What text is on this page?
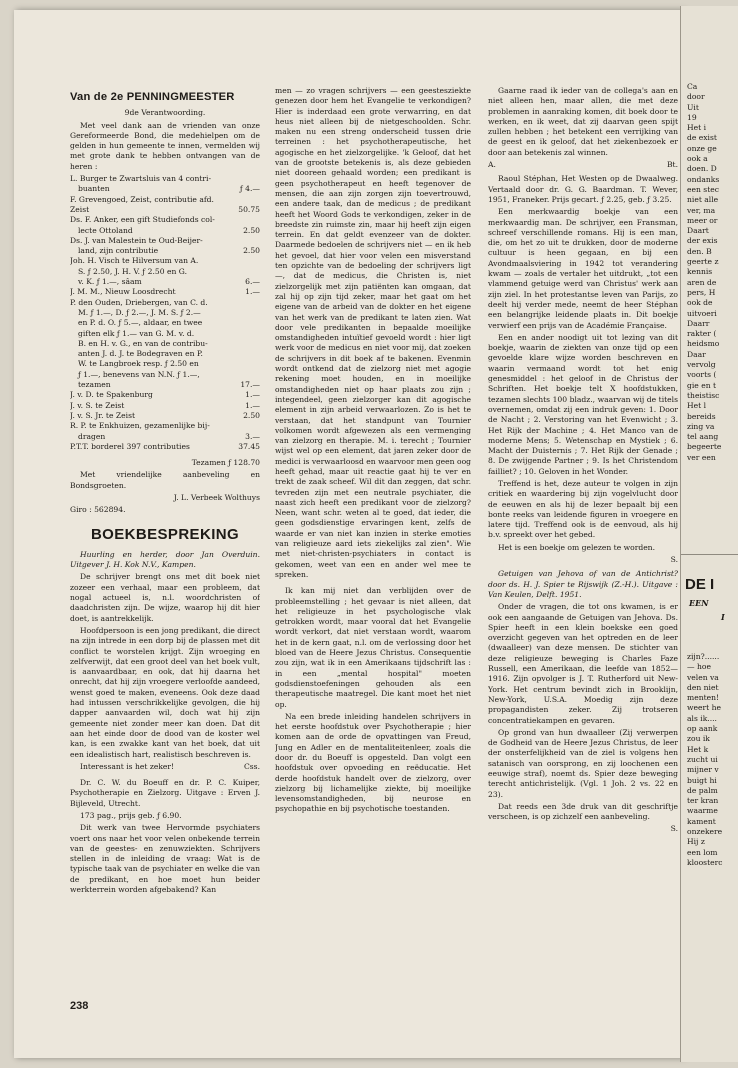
Van de 2e PENNINGMEESTER

9de Verantwoording.

Met veel dank aan de vrienden van onze Gereformeerde Bond, die medehielpen om de gelden in hun gemeente te innen, vermelden wij met grote dank te hebben ontvangen van de heren :

L. Burger te Zwartsluis van 4 contri-
buanten	ƒ 4.—
F. Grevengoed, Zeist, contributie afd.
Zeist	50.75
Ds. F. Anker, een gift Studiefonds col-
lecte Ottoland	2.50
Ds. J. van Malestein te Oud-Beijer-
land, zijn contributie	2.50
Joh. H. Visch te Hilversum van A.
S. ƒ 2.50, J. H. V. ƒ 2.50 en G.
v. K. ƒ 1.—, sâam	6.—
J. M. M., Nieuw Loosdrecht	1.—
P. den Ouden, Driebergen, van C. d.
M. ƒ 1.—, D. ƒ 2.—, J. M. S. ƒ 2.—
en P. d. O. ƒ 5.—, aldaar, en twee
giften elk ƒ 1.— van G. M. v. d.
B. en H. v. G., en van de contribu-
anten J. d. J. te Bodegraven en P.
W. te Langbroek resp. ƒ 2.50 en
ƒ 1.—, benevens van N.N. ƒ 1.—,
tezamen	17.—
J. v. D. te Spakenburg	1.—
J. v. S. te Zeist	1.—
J. v. S. Jr. te Zeist	2.50
R. P. te Enkhuizen, gezamenlijke bij-
dragen	3.—
P.T.T. borderel 397 contributies	37.45

Tezamen ƒ 128.70

Met vriendelijke aanbeveling en Bondsgroeten.

J. L. Verbeek Wolthuys

Giro : 562894.

BOEKBESPREKING

Huurling en herder, door Jan Overduin. Uitgever J. H. Kok N.V., Kampen.

De schrijver brengt ons met dit boek niet zozeer een verhaal, maar een probleem, dat nogal actueel is, n.l. woordchristen of daadchristen zijn. De wijze, waarop hij dit hier doet, is aantrekkelijk.

Hoofdpersoon is een jong predikant, die direct na zijn intrede in een dorp bij de plassen met dit conflict te worstelen krijgt. Zijn wroeging en zelfverwijt, dat een groot deel van het boek vult, is aanvaardbaar, en ook, dat hij daarna het onrecht, dat hij zijn vroegere verloofde aandeed, wenst goed te maken, eveneens. Ook deze daad had intussen verschrikkelijke gevolgen, die hij dapper aanvaarden wil, doch wat hij zijn gemeente niet zonder meer kan doen. Dat dit aan het einde door de dood van de koster wel kan, is een zwakke kant van het boek, dat uit een idealistisch hart, realistisch beschreven is.

Interessant is het zeker!	Css.

Dr. C. W. du Boeuff en dr. P. C. Kuiper, Psychotherapie en Zielzorg. Uitgave : Erven J. Bijleveld, Utrecht.

173 pag., prijs geb. ƒ 6.90.

Dit werk van twee Hervormde psychiaters voert ons naar het voor velen onbekende terrein van de geestes- en zenuwziekten. Schrijvers stellen in de inleiding de vraag: Wat is de typische taak van de psychiater en welke die van de predikant, en hoe moet hun beider werkterrein worden afgebakend? Kan

men — zo vragen schrijvers — een geestesziekte genezen door hem het Evangelie te verkondigen? Hier is inderdaad een grote verwarring, en dat heus niet alleen bij de nietgeschoolden. Schr. maken nu een streng onderscheid tussen drie terreinen : het psychotherapeutische, het agogische en het zielzorgelijke. 'k Geloof, dat het van de grootste betekenis is, als deze gebieden niet dooreen gehaald worden; een predikant is geen psychotherapeut en heeft tegenover de mensen, die aan zijn zorgen zijn toevertrouwd, een andere taak, dan de medicus ; de predikant heeft het Woord Gods te verkondigen, zeker in de breedste zin ruimste zin, maar hij heeft zijn eigen terrein. En dat geldt evenzeer van de dokter. Daarmede bedoelen de schrijvers niet — en ik heb het gevoel, dat hier voor velen een misverstand ten opzichte van de bedoeling der schrijvers ligt —, dat de medicus, die Christen is, niet zielzorgelijk met zijn patiënten kan omgaan, dat zal hij op zijn tijd zeker, maar het gaat om het eigene van de arbeid van de dokter en het eigene van het werk van de predikant te laten zien. Wat door vele predikanten in bepaalde moeilijke omstandigheden intuïtief gevoeld wordt : hier ligt werk voor de medicus en niet voor mij, dat zoeken de schrijvers in dit boek af te bakenen. Evenmin wordt ontkend dat de zielzorg niet met agogie rekening moet houden, en in moeilijke omstandigheden niet op haar plaats zou zijn ; integendeel, geen zielzorger kan dit agogische element in zijn arbeid verwaarlozen. Zo is het te verstaan, dat het standpunt van Tournier volkomen wordt afgewezen als een vermenging van zielzorg en therapie. M. i. terecht ; Tournier wijst wel op een element, dat jaren zeker door de medici is verwaarloosd en waarvoor men geen oog heeft gehad, maar uit reactie gaat hij te ver en trekt de zaak scheef. Wil dit dan zeggen, dat schr. tevreden zijn met een neutrale psychiater, die naast zich heeft een predikant voor de zielzorg? Neen, want schr. weten al te goed, dat ieder, die geen godsdienstige ervaringen kent, zelfs de waarde er van niet kan inzien in sterke emoties van religieuze aard iets ziekelijks zal zien". Wie met niet-christen-psychiaters in contact is gekomen, weet van een en ander wel mee te spreken.

Ik kan mij niet dan verblijden over de probleemstelling ; het gevaar is niet alleen, dat het religieuze in het psychologische vlak getrokken wordt, maar vooral dat het Evangelie wordt verkort, dat niet verstaan wordt, waarom het in de kern gaat, n.l. om de verlossing door het bloed van de Heere Jezus Christus. Consequentie zou zijn, wat ik in een Amerikaans tijdschrift las : in een „mental hospital" moeten godsdienstoefeningen gehouden als een therapeutische maatregel. Die kant moet het niet op.

Na een brede inleiding handelen schrijvers in het eerste hoofdstuk over Psychotherapie ; hier komen aan de orde de opvattingen van Freud, Jung en Adler en de mentaliteitenleer, zoals die door dr. du Boeuff is opgesteld. Dan volgt een hoofdstuk over opvoeding en reëducatie. Het derde hoofdstuk handelt over de zielzorg, over zielzorg bij lichamelijke ziekte, bij moeilijke levensomstandigheden, bij neurose en psychopathie en bij psychotische toestanden.

Gaarne raad ik ieder van de collega's aan en niet alleen hen, maar allen, die met deze problemen in aanraking komen, dit boek door te werken, en ik weet, dat zij daarvan geen spijt zullen hebben ; het betekent een verrijking van de geest en ik geloof, dat het ziekenbezoek er door aan betekenis zal winnen.

A.	Bt.

Raoul Stéphan, Het Westen op de Dwaalweg. Vertaald door dr. G. G. Baardman. T. Wever, 1951, Franeker. Prijs gecart. ƒ 2.25, geb. ƒ 3.25.

Een merkwaardig boekje van een merkwaardig man. De schrijver, een Fransman, schreef verschillende romans. Hij is een man, die, om het zo uit te drukken, door de moderne cultuur is heen gegaan, en bij een Avondmaalsviering in 1942 tot verandering kwam — zoals de vertaler het uitdrukt, „tot een vlammend getuige werd van Christus' werk aan zijn ziel. In het protestantse leven van Parijs, zo deelt hij verder mede, neemt de heer Stéphan een belangrijke leidende plaats in. Dit boekje verwierf een prijs van de Académie Française.

Een en ander noodigt uit tot lezing van dit boekje, waarin de ziekten van onze tijd op een gevoelde klare wijze worden beschreven en waarin vermaand wordt tot het enig genesmiddel : het geloof in de Christus der Schriften. Het boekje telt X hoofdstukken, tezamen slechts 100 bladz., waarvan wij de titels overnemen, omdat zij een indruk geven: 1. Door de Nacht ; 2. Verstoring van het Evenwicht ; 3. Het Rijk der Machine ; 4. Het Manco van de moderne Mens; 5. Wetenschap en Mystiek ; 6. Macht der Duisternis ; 7. Het Rijk der Genade ; 8. De zwijgende Partner ; 9. Is het Christendom failliet? ; 10. Geloven in het Wonder.

Treffend is het, deze auteur te volgen in zijn critiek en waardering bij zijn vogelvlucht door de eeuwen en als hij de lezer bepaalt bij een bonte reeks van leidende figuren in vroegere en latere tijd. Treffend ook is de eenvoud, als hij b.v. spreekt over het gebed.

Het is een boekje om gelezen te worden.

S.

Getuigen van Jehova of van de Antichrist? door ds. H. J. Spier te Rijswijk (Z.-H.). Uitgave : Van Keulen, Delft. 1951.

Onder de vragen, die tot ons kwamen, is er ook een aangaande de Getuigen van Jehova. Ds. Spier heeft in een klein boekske een goed overzicht gegeven van het optreden en de leer (dwaalleer) van deze mensen. De stichter van deze religieuze beweging is Charles Faze Russell, een Amerikaan, die leefde van 1852—1916. Zijn opvolger is J. T. Rutherford uit New-York. Het centrum bevindt zich in Brooklijn, New-York, U.S.A. Moedig zijn deze propagandisten zeker. Zij trotseren concentratiekampen en gevaren.

Op grond van hun dwaalleer (Zij verwerpen de Godheid van de Heere Jezus Christus, de leer der onsterfelijkheid van de ziel is volgens hen satanisch van oorsprong, en zij loochenen een eeuwige straf), noemt ds. Spier deze beweging terecht antichristelijk. (Vgl. 1 Joh. 2 vs. 22 en 23).

Dat reeds een 3de druk van dit geschriftje verscheen, is op zichzelf een aanbeveling.

S.

238
Ca
door
Uit
19
Het i
de exist
onze ge
ook a
doen. D
ondanks
een stec
niet alle
ver, ma
meer or
Daart
der exis
den. B
geerte z
kennis
aren de
pers, H
ook de
uitvoeri
Daarr
rakter (
heidsmo
Daar
vervolg
voorts (
gie en t
theistisc
Het l
bereids
zing va
tel aang
begeerte
ver een
DE I
EEN
I
zijn?......
— hoe
velen va
den niet
menten!
weert he
als ik....
op aank
zou ik
Het k
zucht ui
mijner v
buigt hi
de palm
ter kran
waarme
kament
onzekere
Hij z
een lom
kloosterc
